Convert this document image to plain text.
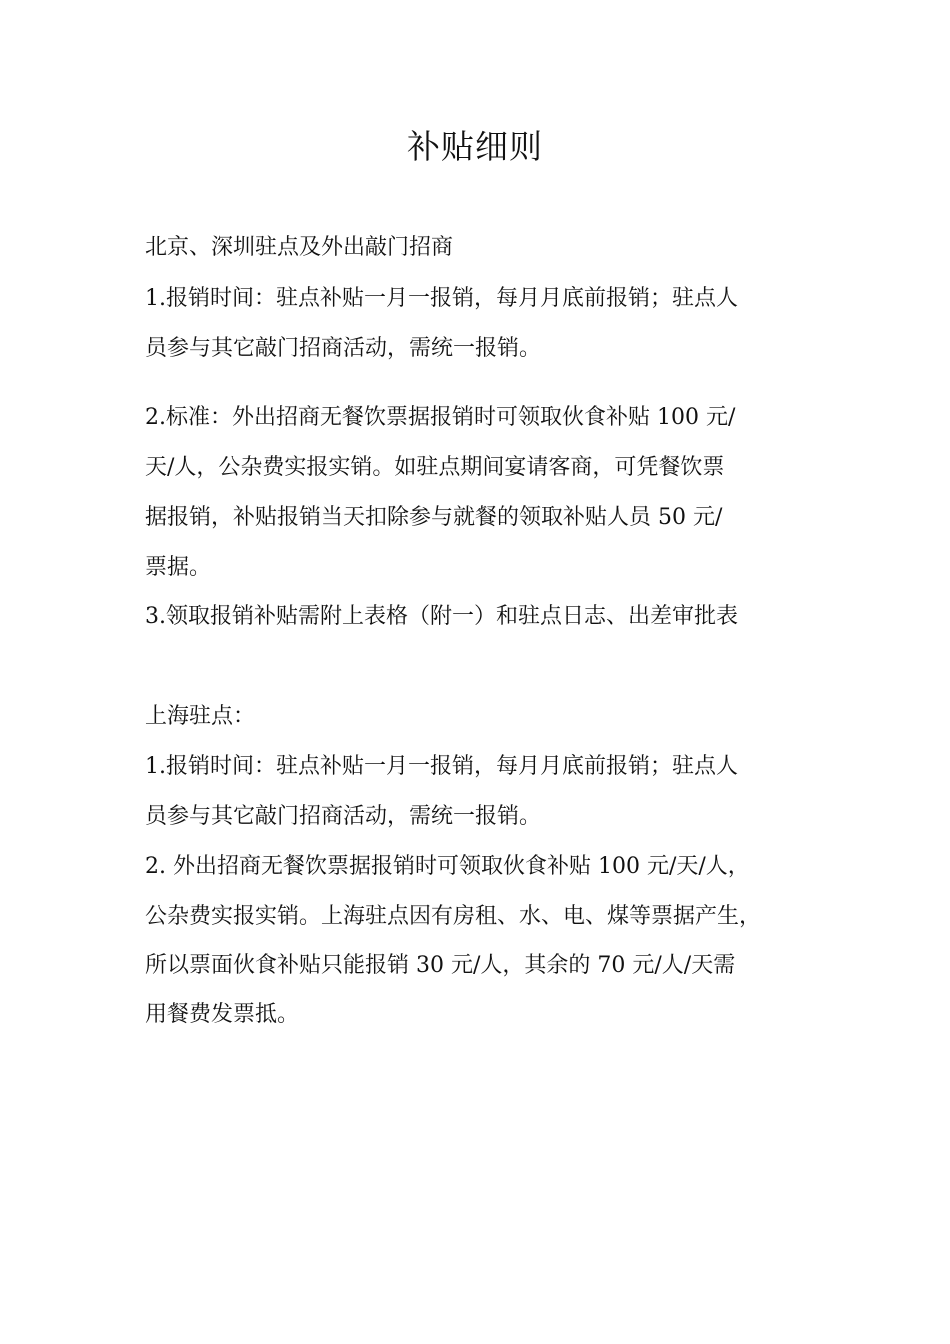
补贴细则
北京、深圳驻点及外出敲门招商
1.报销时间：驻点补贴一月一报销，每月月底前报销；驻点人
员参与其它敲门招商活动，需统一报销。
2.标准：外出招商无餐饮票据报销时可领取伙食补贴 100 元/
天/人，公杂费实报实销。如驻点期间宴请客商，可凭餐饮票
据报销，补贴报销当天扣除参与就餐的领取补贴人员 50 元/
票据。
3.领取报销补贴需附上表格（附一）和驻点日志、出差审批表
上海驻点：
1.报销时间：驻点补贴一月一报销，每月月底前报销；驻点人
员参与其它敲门招商活动，需统一报销。
2. 外出招商无餐饮票据报销时可领取伙食补贴 100 元/天/人，
公杂费实报实销。上海驻点因有房租、水、电、煤等票据产生，
所以票面伙食补贴只能报销 30 元/人，其余的 70 元/人/天需
用餐费发票抵。
